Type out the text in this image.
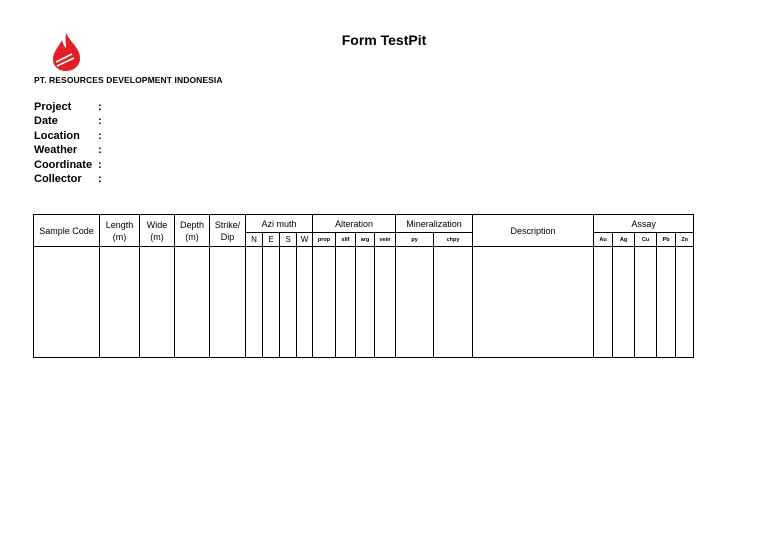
PT. RESOURCES DEVELOPMENT INDONESIA
Form TestPit
Project	:
Date	:
Location	:
Weather	:
Coordinate :
Collector	:
Sample Code	Length (m)	Wide (m)	Depth (m)	Strike/ Dip	Azi muth				Alteration				Mineralization		Description	Assay				
					N	E	S	W	prop	slif	arg	vein	py	chpy		Au	Ag	Cu	Pb	Zn
